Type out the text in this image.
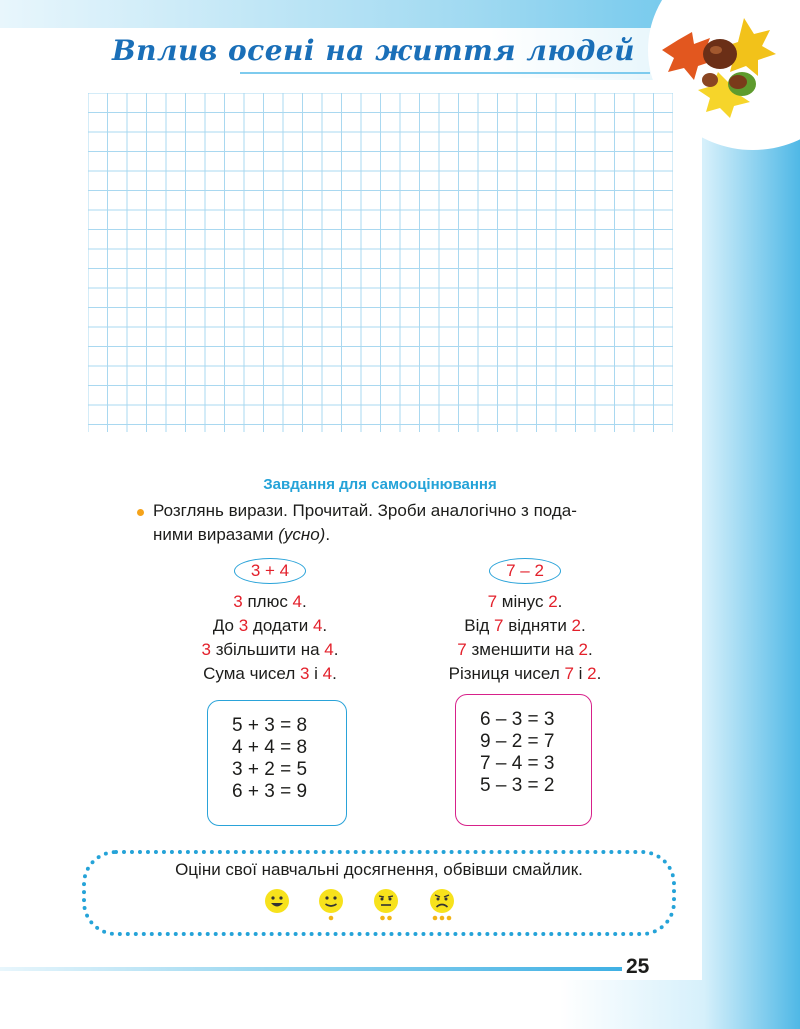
Вплив осені на життя людей
Завдання для самооцінювання
Розглянь вирази. Прочитай. Зроби аналогічно з пода-
ними виразами (усно).
3 + 4
3 плюс 4.
До 3 додати 4.
3 збільшити на 4.
Сума чисел 3 і 4.
7 – 2
7 мінус 2.
Від 7 відняти 2.
7 зменшити на 2.
Різниця чисел 7 і 2.
5 + 3 = 8
4 + 4 = 8
3 + 2 = 5
6 + 3 = 9
6 – 3 = 3
9 – 2 = 7
7 – 4 = 3
5 – 3 = 2
Оціни свої навчальні досягнення, обвівши смайлик.
25
